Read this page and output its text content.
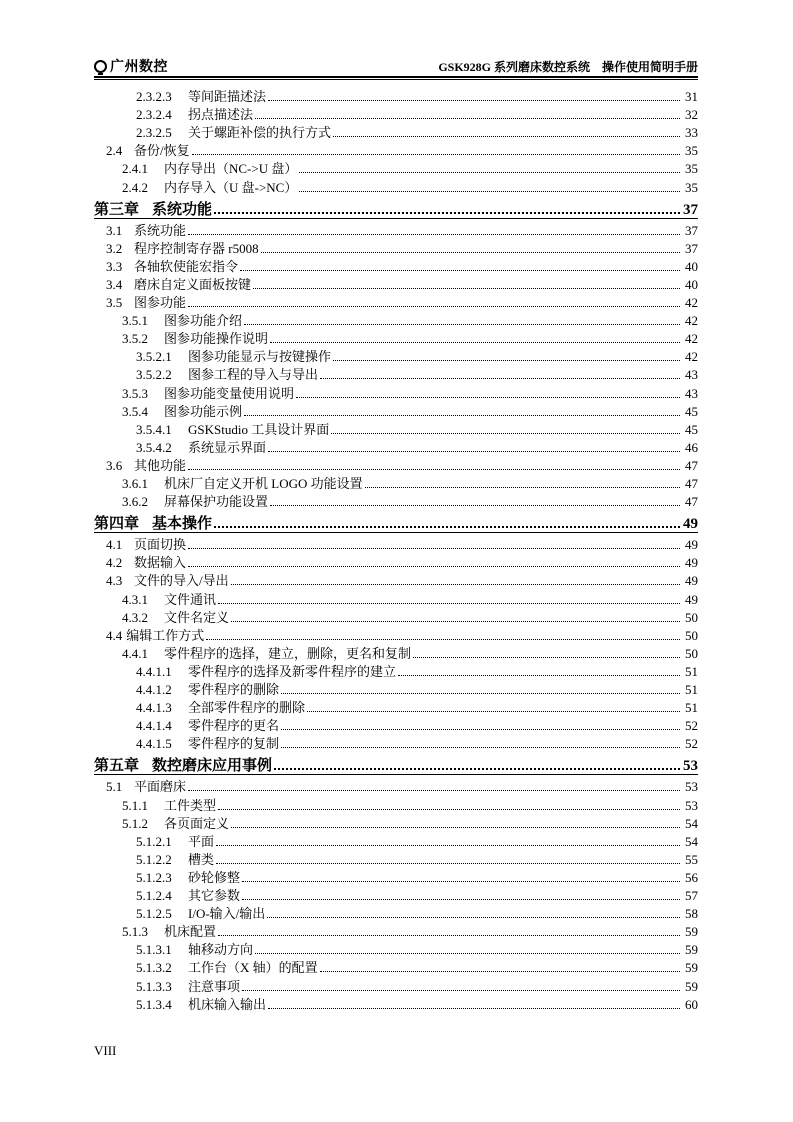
广州数控	GSK928G 系列磨床数控系统　操作使用简明手册
2.3.2.3	等间距描述法	31
2.3.2.4	拐点描述法	32
2.3.2.5	关于螺距补偿的执行方式	33
2.4 备份/恢复	35
2.4.1	内存导出（NC->U 盘）	35
2.4.2	内存导入（U 盘->NC）	35
第三章 系统功能	37
3.1 系统功能	37
3.2 程序控制寄存器 r5008	37
3.3 各轴软使能宏指令	40
3.4 磨床自定义面板按键	40
3.5 图参功能	42
3.5.1	图参功能介绍	42
3.5.2	图参功能操作说明	42
3.5.2.1	图参功能显示与按键操作	42
3.5.2.2	图参工程的导入与导出	43
3.5.3	图参功能变量使用说明	43
3.5.4	图参功能示例	45
3.5.4.1	GSKStudio 工具设计界面	45
3.5.4.2	系统显示界面	46
3.6 其他功能	47
3.6.1	机床厂自定义开机 LOGO 功能设置	47
3.6.2	屏幕保护功能设置	47
第四章 基本操作	49
4.1 页面切换	49
4.2 数据输入	49
4.3 文件的导入/导出	49
4.3.1	文件通讯	49
4.3.2	文件名定义	50
4.4 编辑工作方式	50
4.4.1	零件程序的选择，建立，删除，更名和复制	50
4.4.1.1	零件程序的选择及新零件程序的建立	51
4.4.1.2	零件程序的删除	51
4.4.1.3	全部零件程序的删除	51
4.4.1.4	零件程序的更名	52
4.4.1.5	零件程序的复制	52
第五章 数控磨床应用事例	53
5.1 平面磨床	53
5.1.1	工件类型	53
5.1.2	各页面定义	54
5.1.2.1	平面	54
5.1.2.2	槽类	55
5.1.2.3	砂轮修整	56
5.1.2.4	其它参数	57
5.1.2.5	I/O-输入/输出	58
5.1.3	机床配置	59
5.1.3.1	轴移动方向	59
5.1.3.2	工作台（X 轴）的配置	59
5.1.3.3	注意事项	59
5.1.3.4	机床输入输出	60
VIII
